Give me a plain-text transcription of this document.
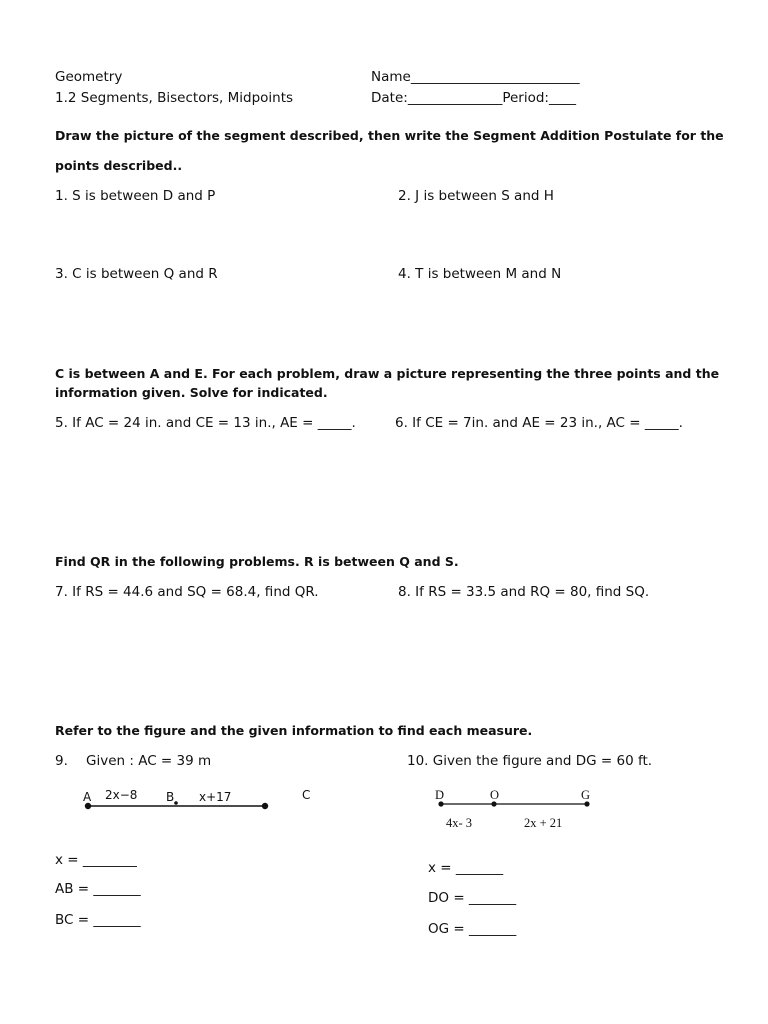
Geometry
1.2 Segments, Bisectors, Midpoints
Name_________________________
Date:______________Period:____
Draw the picture of the segment described, then write the Segment Addition Postulate for the
points described..
1. S is between D and P	2. J is between S and H
3. C is between Q and R	4. T is between M and N
C is between A and E. For each problem, draw a picture representing the three points and the
information given. Solve for indicated.
5. If AC = 24 in. and CE = 13 in., AE = _____.	6. If CE = 7in. and AE = 23 in., AC = _____.
Find QR in the following problems. R is between Q and S.
7. If RS = 44.6 and SQ = 68.4, find QR.	8. If RS = 33.5 and RQ = 80, find SQ.
Refer to the figure and the given information to find each measure.
9. Given : AC = 39 m	10. Given the figure and DG = 60 ft.
A 2x−8 B x+17	C	D	O	G
4x- 3	2x + 21
x = ________
AB = _______
BC = _______
x = _______
DO = _______
OG = _______
